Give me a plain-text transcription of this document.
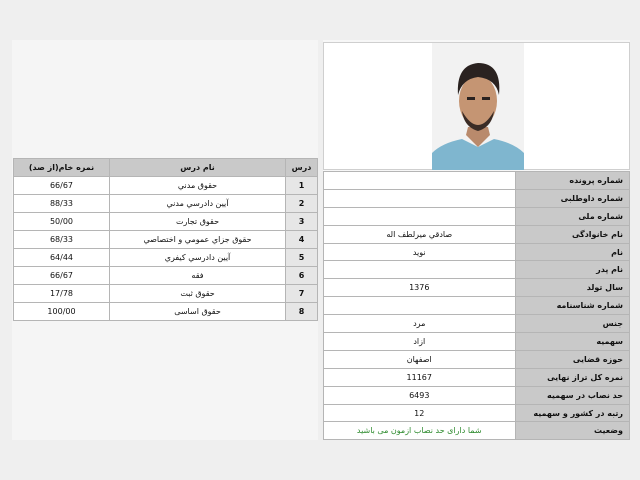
نمره خام(از صد)	نام درس	درس
66/67	حقوق مدني	1
88/33	آيين دادرسي مدني	2
50/00	حقوق تجارت	3
68/33	حقوق جزاي عمومي و اختصاصي	4
64/44	آيين دادرسي كيفري	5
66/67	فقه	6
17/78	حقوق ثبت	7
100/00	حقوق اساسی	8
	شماره پرونده
	شماره داوطلبی
	شماره ملی
صادقي ميرلطف اله	نام خانوادگی
نويد	نام
	نام پدر
1376	سال تولد
	شماره شناسنامه
مرد	جنس
ازاد	سهمیه
اصفهان	حوزه قضایی
11167	نمره کل تراز نهایی
6493	حد نصاب در سهمیه
12	رتبه در کشور و سهمیه
شما دارای حد نصاب ازمون می باشید	وضعیت
